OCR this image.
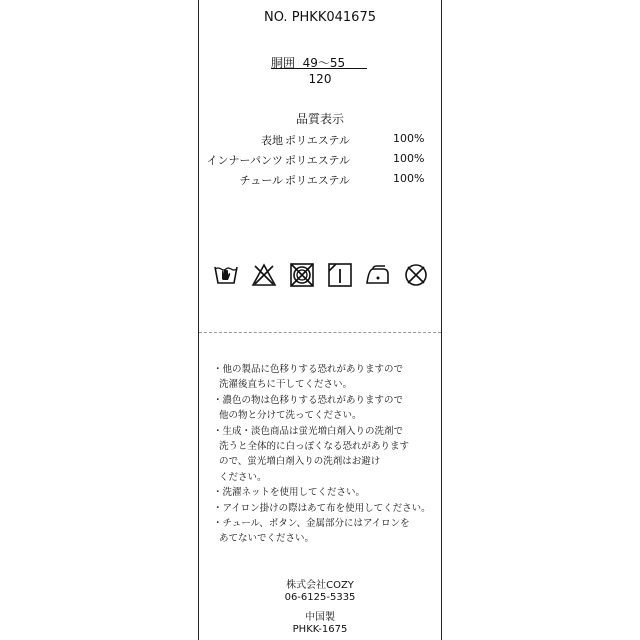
NO. PHKK041675
胴囲 49〜55
120
品質表示
表地 ポリエステル	100%
インナーパンツ ポリエステル	100%
チュール ポリエステル	100%
・他の製品に色移りする恐れがありますので
洗濯後直ちに干してください。
・濃色の物は色移りする恐れがありますので
他の物と分けて洗ってください。
・生成・淡色商品は蛍光増白剤入りの洗剤で
洗うと全体的に白っぽくなる恐れがあります
ので、蛍光増白剤入りの洗剤はお避け
ください。
・洗濯ネットを使用してください。
・アイロン掛けの際はあて布を使用してください。
・チュール、ボタン、金属部分にはアイロンを
あてないでください。
株式会社COZY
06-6125-5335
中国製
PHKK-1675
